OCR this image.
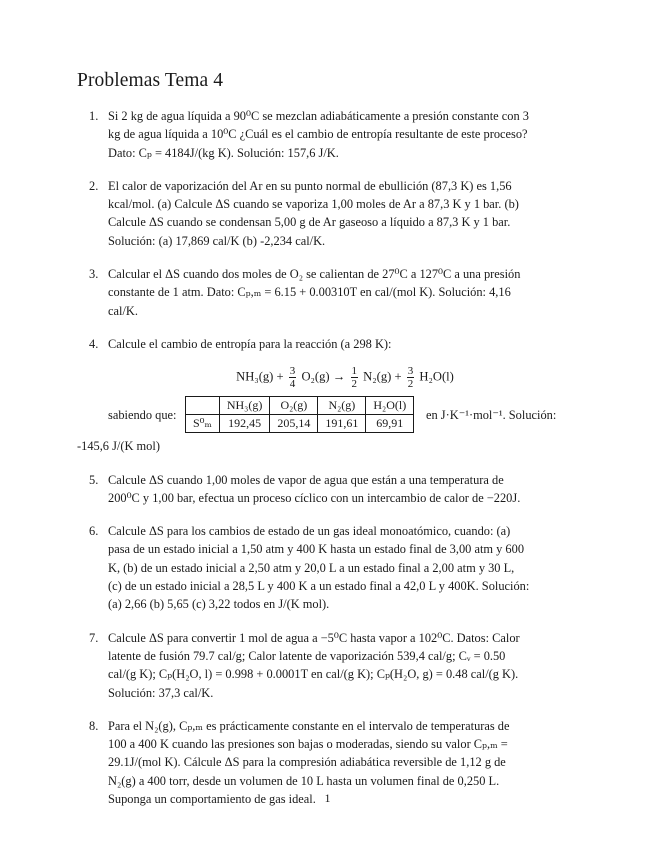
Problemas Tema 4
1. Si 2 kg de agua líquida a 90⁰C se mezclan adiabáticamente a presión constante con 3
kg de agua líquida a 10⁰C ¿Cuál es el cambio de entropía resultante de este proceso?
Dato: Cₚ = 4184J/(kg K). Solución: 157,6 J/K.
2. El calor de vaporización del Ar en su punto normal de ebullición (87,3 K) es 1,56
kcal/mol. (a) Calcule ΔS cuando se vaporiza 1,00 moles de Ar a 87,3 K y 1 bar. (b)
Calcule ΔS cuando se condensan 5,00 g de Ar gaseoso a líquido a 87,3 K y 1 bar.
Solución: (a) 17,869 cal/K (b) -2,234 cal/K.
3. Calcular el ΔS cuando dos moles de O₂ se calientan de 27⁰C a 127⁰C a una presión
constante de 1 atm. Dato: Cₚ,ₘ = 6.15 + 0.00310T en cal/(mol K). Solución: 4,16
cal/K.
4. Calcule el cambio de entropía para la reacción (a 298 K):
$NH_3(g) + \frac{3}{4} O_2(g) \to \frac{1}{2} N_2(g) + \frac{3}{2} H_2O(l)$
sabiendo que:
	NH₃(g)	O₂(g)	N₂(g)	H₂O(l)
S⁰ₘ	192,45	205,14	191,61	69,91
en J·K⁻¹·mol⁻¹. Solución:
-145,6 J/(K mol)
5. Calcule ΔS cuando 1,00 moles de vapor de agua que están a una temperatura de
200⁰C y 1,00 bar, efectua un proceso cíclico con un intercambio de calor de −220J.
6. Calcule ΔS para los cambios de estado de un gas ideal monoatómico, cuando: (a)
pasa de un estado inicial a 1,50 atm y 400 K hasta un estado final de 3,00 atm y 600
K, (b) de un estado inicial a 2,50 atm y 20,0 L a un estado final a 2,00 atm y 30 L,
(c) de un estado inicial a 28,5 L y 400 K a un estado final a 42,0 L y 400K. Solución:
(a) 2,66 (b) 5,65 (c) 3,22 todos en J/(K mol).
7. Calcule ΔS para convertir 1 mol de agua a −5⁰C hasta vapor a 102⁰C. Datos: Calor
latente de fusión 79.7 cal/g; Calor latente de vaporización 539,4 cal/g; Cᵥ = 0.50
cal/(g K); Cₚ(H₂O, l) = 0.998 + 0.0001T en cal/(g K); Cₚ(H₂O, g) = 0.48 cal/(g K).
Solución: 37,3 cal/K.
8. Para el N₂(g), Cₚ,ₘ es prácticamente constante en el intervalo de temperaturas de
100 a 400 K cuando las presiones son bajas o moderadas, siendo su valor Cₚ,ₘ =
29.1J/(mol K). Cálcule ΔS para la compresión adiabática reversible de 1,12 g de
N₂(g) a 400 torr, desde un volumen de 10 L hasta un volumen final de 0,250 L.
Suponga un comportamiento de gas ideal. 1
